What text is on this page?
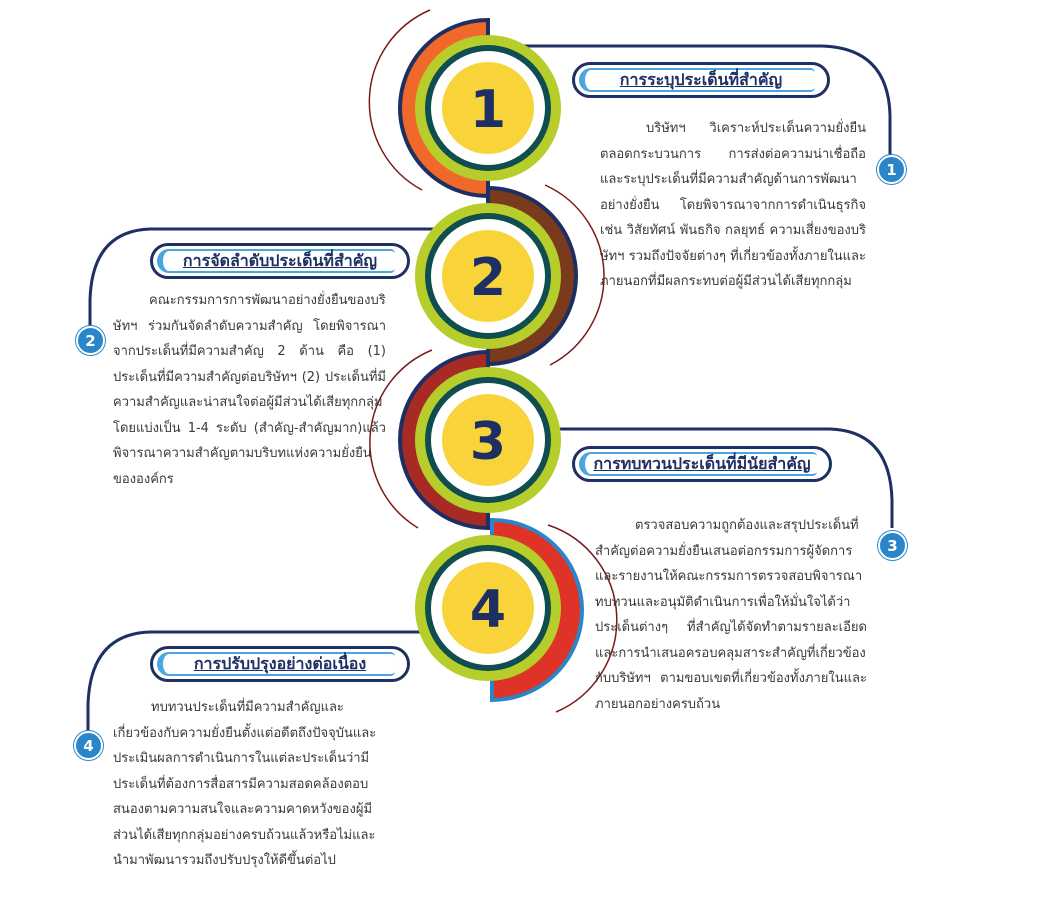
1
2
3
4
การระบุประเด็นที่สำคัญ
การจัดลำดับประเด็นที่สำคัญ
การทบทวนประเด็นที่มีนัยสำคัญ
การปรับปรุงอย่างต่อเนื่อง
1
2
3
4

บริษัทฯ วิเคราะห์ประเด็นความยั่งยืน ตลอดกระบวนการ การส่งต่อความน่าเชื่อถือ และระบุประเด็นที่มีความสำคัญด้านการพัฒนาอย่างยั่งยืน โดยพิจารณาจากการดำเนินธุรกิจ เช่น วิสัยทัศน์ พันธกิจ กลยุทธ์ ความเสี่ยงของบริษัทฯ รวมถึงปัจจัยต่างๆ ที่เกี่ยวข้องทั้งภายในและภายนอกที่มีผลกระทบต่อผู้มีส่วนได้เสียทุกกลุ่ม

คณะกรรมการการพัฒนาอย่างยั่งยืนของบริษัทฯ ร่วมกันจัดลำดับความสำคัญ โดยพิจารณาจากประเด็นที่มีความสำคัญ 2 ด้าน คือ (1) ประเด็นที่มีความสำคัญต่อบริษัทฯ (2) ประเด็นที่มีความสำคัญและน่าสนใจต่อผู้มีส่วนได้เสียทุกกลุ่ม โดยแบ่งเป็น 1-4 ระดับ (สำคัญ-สำคัญมาก)แล้วพิจารณาความสำคัญตามบริบทแห่งความยั่งยืนขององค์กร

ตรวจสอบความถูกต้องและสรุปประเด็นที่สำคัญต่อความยั่งยืนเสนอต่อกรรมการผู้จัดการและรายงานให้คณะกรรมการตรวจสอบพิจารณาทบทวนและอนุมัติดำเนินการเพื่อให้มั่นใจได้ว่าประเด็นต่างๆ ที่สำคัญได้จัดทำตามรายละเอียด และการนำเสนอครอบคลุมสาระสำคัญที่เกี่ยวข้องกับบริษัทฯ ตามขอบเขตที่เกี่ยวข้องทั้งภายในและภายนอกอย่างครบถ้วน

ทบทวนประเด็นที่มีความสำคัญและเกี่ยวข้องกับความยั่งยืนตั้งแต่อดีตถึงปัจจุบันและประเมินผลการดำเนินการในแต่ละประเด็นว่ามีประเด็นที่ต้องการสื่อสารมีความสอดคล้องตอบสนองตามความสนใจและความคาดหวังของผู้มีส่วนได้เสียทุกกลุ่มอย่างครบถ้วนแล้วหรือไม่และนำมาพัฒนารวมถึงปรับปรุงให้ดีขึ้นต่อไป
